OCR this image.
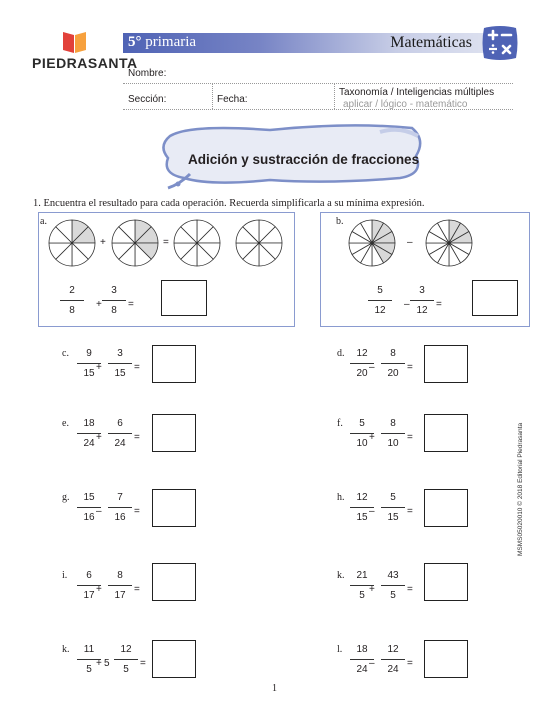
PIEDRASANTA
5° primaria	Matemáticas
Nombre:
Sección:	Fecha:
Taxonomía / Inteligencias múltiples
aplicar / lógico - matemático
Adición y sustracción de fracciones
1. Encuentra el resultado para cada operación. Recuerda simplificarla a su mínima expresión.
+	=	–
a.
2
8
+
3
8
=
b.
5
12
–
3
12
=
c.	9
15
+
3
15
=
d.	12
20
–
8
20
=
e.	18
24
+
6
24
=
f.	5
10
+
8
10
=
g.	15
16
–
7
16
=
h.	12
15
–
5
15
=
i.	6
17
+
8
17
=
k.	21
5
+
43
5
=
k.	11
5
+ 5
12
5
=
l.	18
24
–
12
24
=
MSMS05020010 © 2018 Editorial Piedrasanta
1
